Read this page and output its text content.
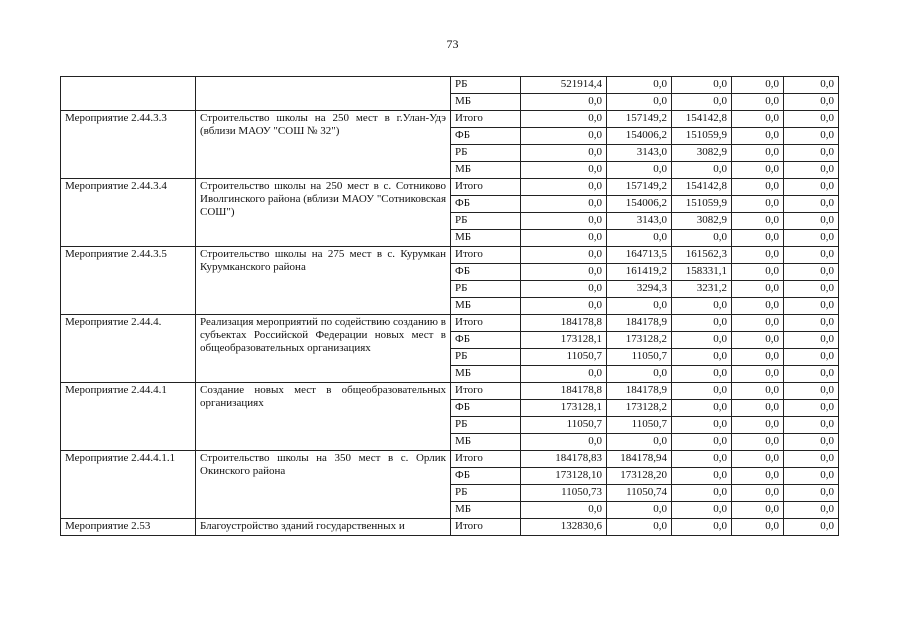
73
		РБ	521914,4	0,0	0,0	0,0	0,0
		МБ	0,0	0,0	0,0	0,0	0,0
Мероприятие 2.44.3.3	Строительство школы на 250 мест в г.Улан-Удэ (вблизи МАОУ "СОШ № 32")	Итого	0,0	157149,2	154142,8	0,0	0,0
		ФБ	0,0	154006,2	151059,9	0,0	0,0
		РБ	0,0	3143,0	3082,9	0,0	0,0
		МБ	0,0	0,0	0,0	0,0	0,0
Мероприятие 2.44.3.4	Строительство школы на 250 мест в с. Сотниково Иволгинского района (вблизи МАОУ "Сотниковская СОШ")	Итого	0,0	157149,2	154142,8	0,0	0,0
		ФБ	0,0	154006,2	151059,9	0,0	0,0
		РБ	0,0	3143,0	3082,9	0,0	0,0
		МБ	0,0	0,0	0,0	0,0	0,0
Мероприятие 2.44.3.5	Строительство школы на 275 мест в с. Курумкан Курумканского района	Итого	0,0	164713,5	161562,3	0,0	0,0
		ФБ	0,0	161419,2	158331,1	0,0	0,0
		РБ	0,0	3294,3	3231,2	0,0	0,0
		МБ	0,0	0,0	0,0	0,0	0,0
Мероприятие 2.44.4.	Реализация мероприятий по содействию созданию в субъектах Российской Федерации новых мест в общеобразовательных организациях	Итого	184178,8	184178,9	0,0	0,0	0,0
		ФБ	173128,1	173128,2	0,0	0,0	0,0
		РБ	11050,7	11050,7	0,0	0,0	0,0
		МБ	0,0	0,0	0,0	0,0	0,0
Мероприятие 2.44.4.1	Создание новых мест в общеобразовательных организациях	Итого	184178,8	184178,9	0,0	0,0	0,0
		ФБ	173128,1	173128,2	0,0	0,0	0,0
		РБ	11050,7	11050,7	0,0	0,0	0,0
		МБ	0,0	0,0	0,0	0,0	0,0
Мероприятие 2.44.4.1.1	Строительство школы на 350 мест в с. Орлик Окинского района	Итого	184178,83	184178,94	0,0	0,0	0,0
		ФБ	173128,10	173128,20	0,0	0,0	0,0
		РБ	11050,73	11050,74	0,0	0,0	0,0
		МБ	0,0	0,0	0,0	0,0	0,0
Мероприятие 2.53	Благоустройство зданий государственных и	Итого	132830,6	0,0	0,0	0,0	0,0
